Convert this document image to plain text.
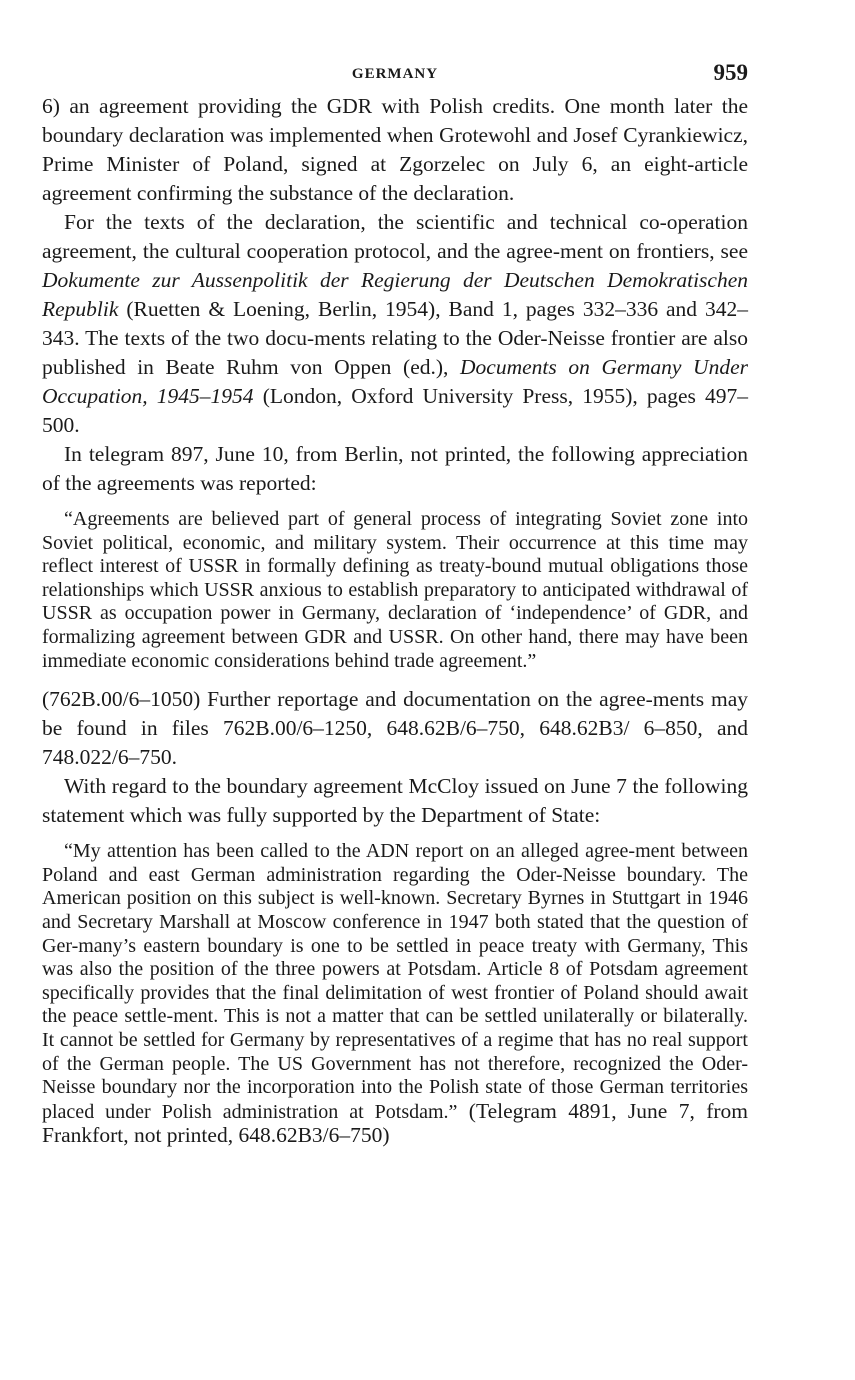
GERMANY	959

6) an agreement providing the GDR with Polish credits. One month later the boundary declaration was implemented when Grotewohl and Josef Cyrankiewicz, Prime Minister of Poland, signed at Zgorzelec on July 6, an eight-article agreement confirming the substance of the declaration.

For the texts of the declaration, the scientific and technical co-operation agreement, the cultural cooperation protocol, and the agree-ment on frontiers, see Dokumente zur Aussenpolitik der Regierung der Deutschen Demokratischen Republik (Ruetten & Loening, Berlin, 1954), Band 1, pages 332–336 and 342–343. The texts of the two docu-ments relating to the Oder-Neisse frontier are also published in Beate Ruhm von Oppen (ed.), Documents on Germany Under Occupation, 1945–1954 (London, Oxford University Press, 1955), pages 497–500.

In telegram 897, June 10, from Berlin, not printed, the following appreciation of the agreements was reported:

“Agreements are believed part of general process of integrating Soviet zone into Soviet political, economic, and military system. Their occurrence at this time may reflect interest of USSR in formally defining as treaty-bound mutual obligations those relationships which USSR anxious to establish preparatory to anticipated withdrawal of USSR as occupation power in Germany, declaration of ‘independence’ of GDR, and formalizing agreement between GDR and USSR. On other hand, there may have been immediate economic considerations behind trade agreement.”

(762B.00/6–1050) Further reportage and documentation on the agree-ments may be found in files 762B.00/6–1250, 648.62B/6–750, 648.62B3/ 6–850, and 748.022/6–750.

With regard to the boundary agreement McCloy issued on June 7 the following statement which was fully supported by the Department of State:

“My attention has been called to the ADN report on an alleged agree-ment between Poland and east German administration regarding the Oder-Neisse boundary. The American position on this subject is well-known. Secretary Byrnes in Stuttgart in 1946 and Secretary Marshall at Moscow conference in 1947 both stated that the question of Ger-many’s eastern boundary is one to be settled in peace treaty with Germany, This was also the position of the three powers at Potsdam. Article 8 of Potsdam agreement specifically provides that the final delimitation of west frontier of Poland should await the peace settle-ment. This is not a matter that can be settled unilaterally or bilaterally. It cannot be settled for Germany by representatives of a regime that has no real support of the German people. The US Government has not therefore, recognized the Oder-Neisse boundary nor the incorporation into the Polish state of those German territories placed under Polish administration at Potsdam.” (Telegram 4891, June 7, from Frankfort, not printed, 648.62B3/6–750)
